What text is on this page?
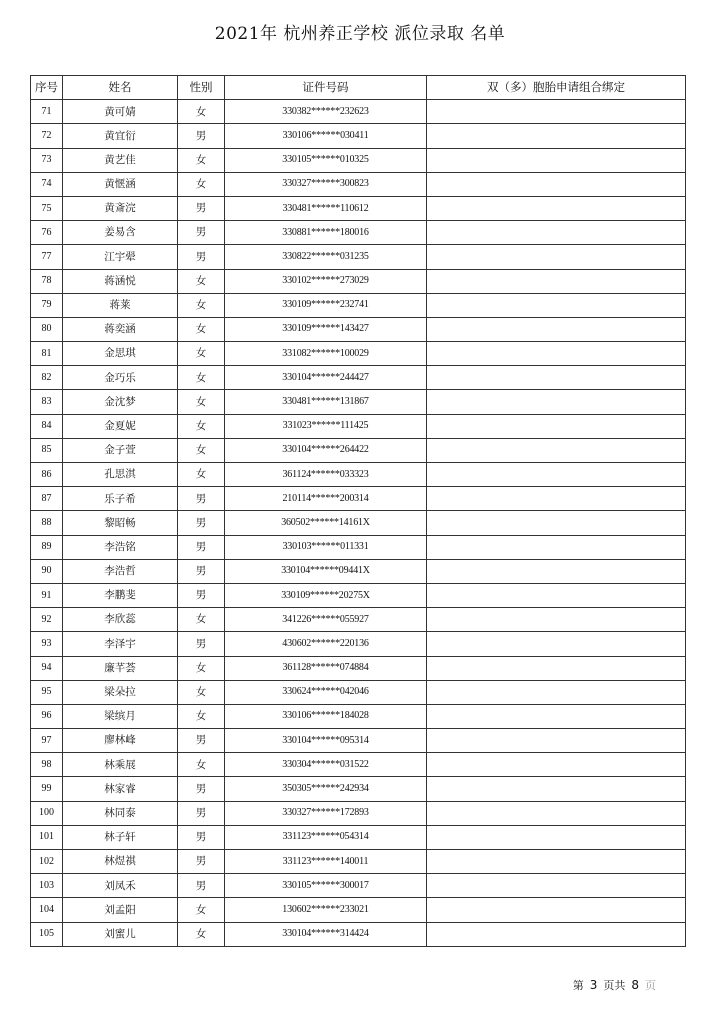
2021年 杭州养正学校 派位录取 名单
序号	姓名	性别	证件号码	双（多）胞胎申请组合绑定
71	黄可婧	女	330382******232623	
72	黄宜衍	男	330106******030411	
73	黄艺佳	女	330105******010325	
74	黄惬涵	女	330327******300823	
75	黄斎浣	男	330481******110612	
76	姜易含	男	330881******180016	
77	江宇翚	男	330822******031235	
78	蒋涵悦	女	330102******273029	
79	蒋莱	女	330109******232741	
80	蒋奕涵	女	330109******143427	
81	金思琪	女	331082******100029	
82	金巧乐	女	330104******244427	
83	金沈梦	女	330481******131867	
84	金夏妮	女	331023******111425	
85	金子萱	女	330104******264422	
86	孔思淇	女	361124******033323	
87	乐子希	男	210114******200314	
88	黎昭畅	男	360502******14161X	
89	李浩铭	男	330103******011331	
90	李浩哲	男	330104******09441X	
91	李鹏斐	男	330109******20275X	
92	李欣蕊	女	341226******055927	
93	李泽宇	男	430602******220136	
94	廉芊荟	女	361128******074884	
95	梁朵拉	女	330624******042046	
96	梁缤月	女	330106******184028	
97	廖林峰	男	330104******095314	
98	林乘展	女	330304******031522	
99	林家睿	男	350305******242934	
100	林同泰	男	330327******172893	
101	林子轩	男	331123******054314	
102	林煜祺	男	331123******140011	
103	刘凤禾	男	330105******300017	
104	刘孟阳	女	130602******233021	
105	刘蜜儿	女	330104******314424	
第 3 页共 8 页
